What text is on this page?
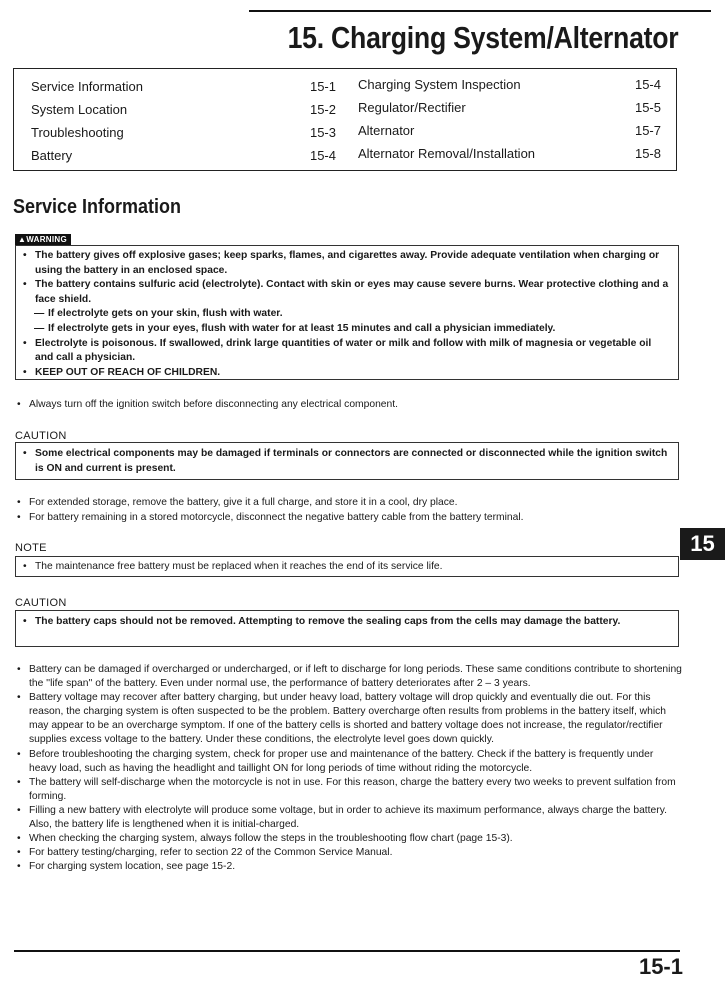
15. Charging System/Alternator
Service Information	15-1
System Location	15-2
Troubleshooting	15-3
Battery	15-4
Charging System Inspection	15-4
Regulator/Rectifier	15-5
Alternator	15-7
Alternator Removal/Installation	15-8
Service Information
▲WARNING
• The battery gives off explosive gases; keep sparks, flames, and cigarettes away. Provide adequate ventilation when charging or using the battery in an enclosed space.
• The battery contains sulfuric acid (electrolyte). Contact with skin or eyes may cause severe burns. Wear protective clothing and a face shield.
— If electrolyte gets on your skin, flush with water.
— If electrolyte gets in your eyes, flush with water for at least 15 minutes and call a physician immediately.
• Electrolyte is poisonous. If swallowed, drink large quantities of water or milk and follow with milk of magnesia or vegetable oil and call a physician.
• KEEP OUT OF REACH OF CHILDREN.
• Always turn off the ignition switch before disconnecting any electrical component.
CAUTION
• Some electrical components may be damaged if terminals or connectors are connected or disconnected while the ignition switch is ON and current is present.
• For extended storage, remove the battery, give it a full charge, and store it in a cool, dry place.
• For battery remaining in a stored motorcycle, disconnect the negative battery cable from the battery terminal.
NOTE
• The maintenance free battery must be replaced when it reaches the end of its service life.
15
CAUTION
• The battery caps should not be removed. Attempting to remove the sealing caps from the cells may damage the battery.
• Battery can be damaged if overcharged or undercharged, or if left to discharge for long periods. These same conditions contribute to shortening the ''life span'' of the battery. Even under normal use, the performance of battery deteriorates after 2 – 3 years.
• Battery voltage may recover after battery charging, but under heavy load, battery voltage will drop quickly and eventually die out. For this reason, the charging system is often suspected to be the problem. Battery overcharge often results from problems in the battery itself, which may appear to be an overcharge symptom. If one of the battery cells is shorted and battery voltage does not increase, the regulator/rectifier supplies excess voltage to the battery. Under these conditions, the electrolyte level goes down quickly.
• Before troubleshooting the charging system, check for proper use and maintenance of the battery. Check if the battery is frequently under heavy load, such as having the headlight and taillight ON for long periods of time without riding the motorcycle.
• The battery will self-discharge when the motorcycle is not in use. For this reason, charge the battery every two weeks to prevent sulfation from forming.
• Filling a new battery with electrolyte will produce some voltage, but in order to achieve its maximum performance, always charge the battery. Also, the battery life is lengthened when it is initial-charged.
• When checking the charging system, always follow the steps in the troubleshooting flow chart (page 15-3).
• For battery testing/charging, refer to section 22 of the Common Service Manual.
• For charging system location, see page 15-2.
15-1
